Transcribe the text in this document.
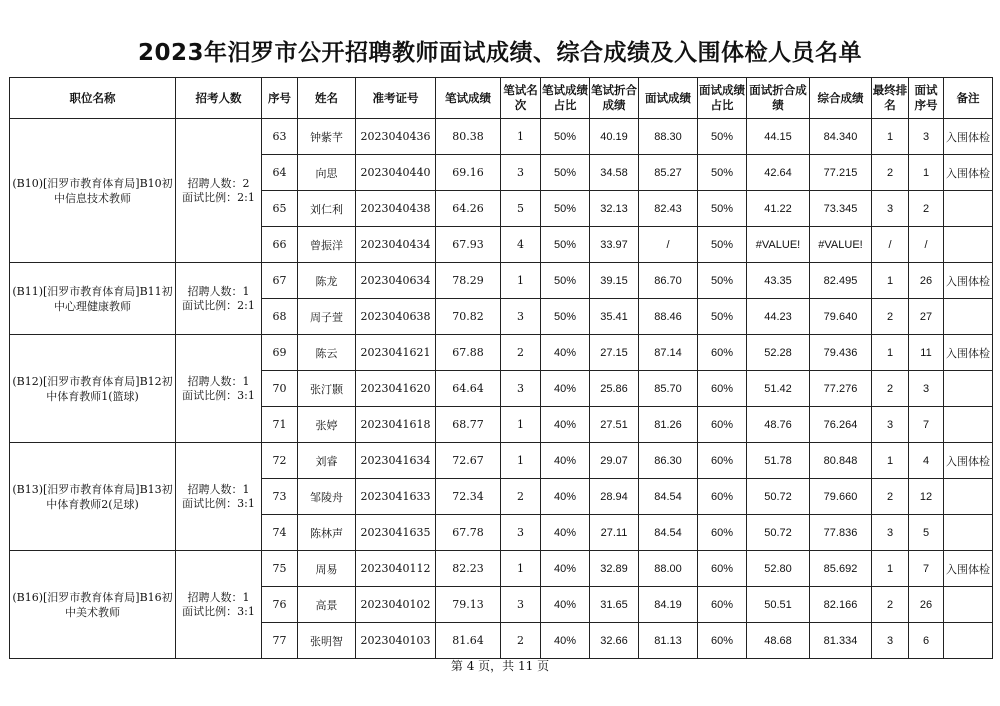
2023年汨罗市公开招聘教师面试成绩、综合成绩及入围体检人员名单
职位名称	招考人数	序号	姓名	准考证号	笔试成绩	笔试名次	笔试成绩占比	笔试折合成绩	面试成绩	面试成绩占比	面试折合成绩	综合成绩	最终排名	面试序号	备注
(B10)[汨罗市教育体育局]B10初中信息技术教师	招聘人数：2
面试比例：2:1	63	钟紫芊	2023040436	80.38	1	50%	40.19	88.30	50%	44.15	84.340	1	3	入围体检
		64	向思	2023040440	69.16	3	50%	34.58	85.27	50%	42.64	77.215	2	1	入围体检
		65	刘仁利	2023040438	64.26	5	50%	32.13	82.43	50%	41.22	73.345	3	2	
		66	曾振洋	2023040434	67.93	4	50%	33.97	/	50%	#VALUE!	#VALUE!	/	/	
(B11)[汨罗市教育体育局]B11初中心理健康教师	招聘人数：1
面试比例：2:1	67	陈龙	2023040634	78.29	1	50%	39.15	86.70	50%	43.35	82.495	1	26	入围体检
		68	周子萱	2023040638	70.82	3	50%	35.41	88.46	50%	44.23	79.640	2	27	
(B12)[汨罗市教育体育局]B12初中体育教师1(篮球)	招聘人数：1
面试比例：3:1	69	陈云	2023041621	67.88	2	40%	27.15	87.14	60%	52.28	79.436	1	11	入围体检
		70	张汀颢	2023041620	64.64	3	40%	25.86	85.70	60%	51.42	77.276	2	3	
		71	张婷	2023041618	68.77	1	40%	27.51	81.26	60%	48.76	76.264	3	7	
(B13)[汨罗市教育体育局]B13初中体育教师2(足球)	招聘人数：1
面试比例：3:1	72	刘睿	2023041634	72.67	1	40%	29.07	86.30	60%	51.78	80.848	1	4	入围体检
		73	邹陵舟	2023041633	72.34	2	40%	28.94	84.54	60%	50.72	79.660	2	12	
		74	陈林声	2023041635	67.78	3	40%	27.11	84.54	60%	50.72	77.836	3	5	
(B16)[汨罗市教育体育局]B16初中美术教师	招聘人数：1
面试比例：3:1	75	周易	2023040112	82.23	1	40%	32.89	88.00	60%	52.80	85.692	1	7	入围体检
		76	高景	2023040102	79.13	3	40%	31.65	84.19	60%	50.51	82.166	2	26	
		77	张明智	2023040103	81.64	2	40%	32.66	81.13	60%	48.68	81.334	3	6	
第 4 页，共 11 页
